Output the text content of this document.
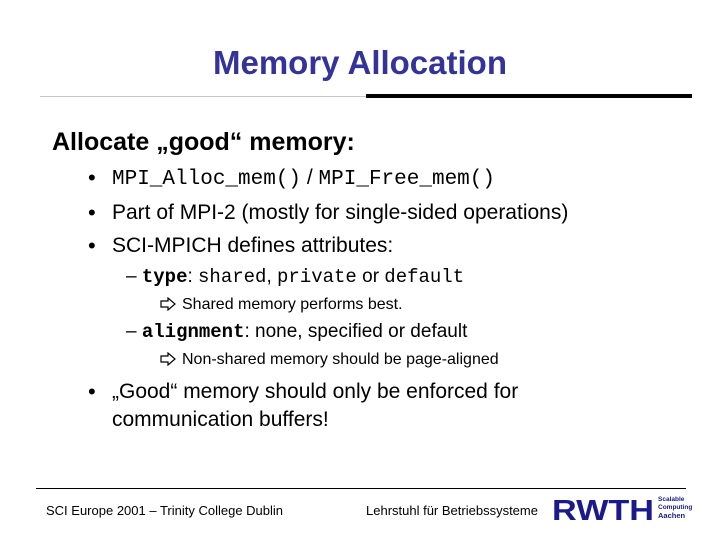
Memory Allocation
Allocate „good“ memory:
• MPI_Alloc_mem() / MPI_Free_mem()
• Part of MPI-2 (mostly for single-sided operations)
• SCI-MPICH defines attributes:
– type: shared, private or default
Shared memory performs best.
– alignment: none, specified or default
Non-shared memory should be page-aligned
• „Good“ memory should only be enforced for
communication buffers!
SCI Europe 2001 – Trinity College Dublin	Lehrstuhl für Betriebssysteme RWTH Scalable
Computing
Aachen
